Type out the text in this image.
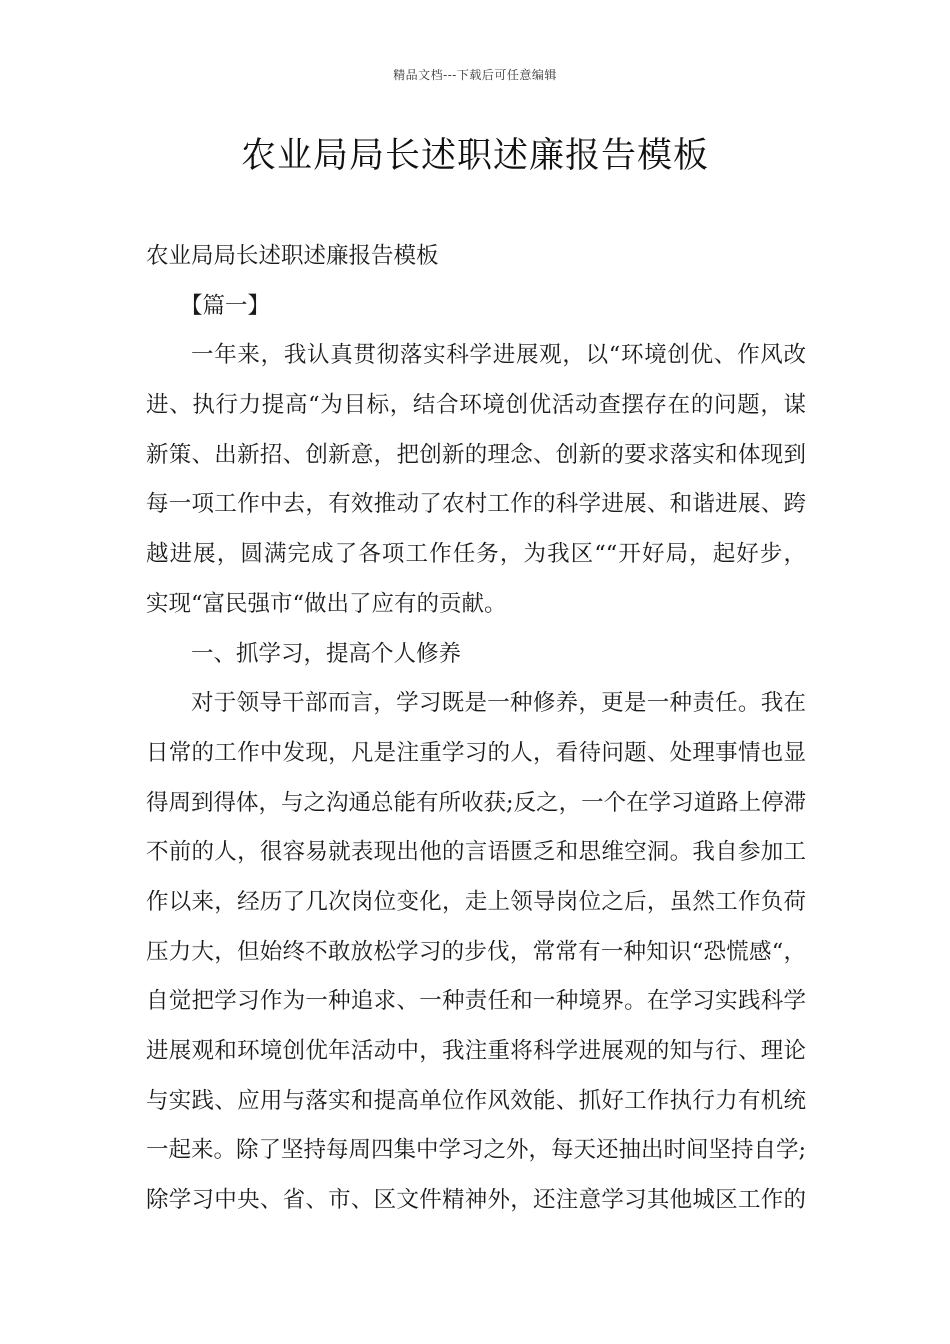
精品文档---下载后可任意编辑
农业局局长述职述廉报告模板
农业局局长述职述廉报告模板
【篇一】
一年来，我认真贯彻落实科学进展观，以“环境创优、作风改
进、执行力提高“为目标，结合环境创优活动查摆存在的问题，谋
新策、出新招、创新意，把创新的理念、创新的要求落实和体现到
每一项工作中去，有效推动了农村工作的科学进展、和谐进展、跨
越进展，圆满完成了各项工作任务，为我区““开好局，起好步，
实现“富民强市“做出了应有的贡献。
一、抓学习，提高个人修养
对于领导干部而言，学习既是一种修养，更是一种责任。我在
日常的工作中发现，凡是注重学习的人，看待问题、处理事情也显
得周到得体，与之沟通总能有所收获;反之，一个在学习道路上停滞
不前的人，很容易就表现出他的言语匮乏和思维空洞。我自参加工
作以来，经历了几次岗位变化，走上领导岗位之后，虽然工作负荷
压力大，但始终不敢放松学习的步伐，常常有一种知识“恐慌感“，
自觉把学习作为一种追求、一种责任和一种境界。在学习实践科学
进展观和环境创优年活动中，我注重将科学进展观的知与行、理论
与实践、应用与落实和提高单位作风效能、抓好工作执行力有机统
一起来。除了坚持每周四集中学习之外，每天还抽出时间坚持自学;
除学习中央、省、市、区文件精神外，还注意学习其他城区工作的
